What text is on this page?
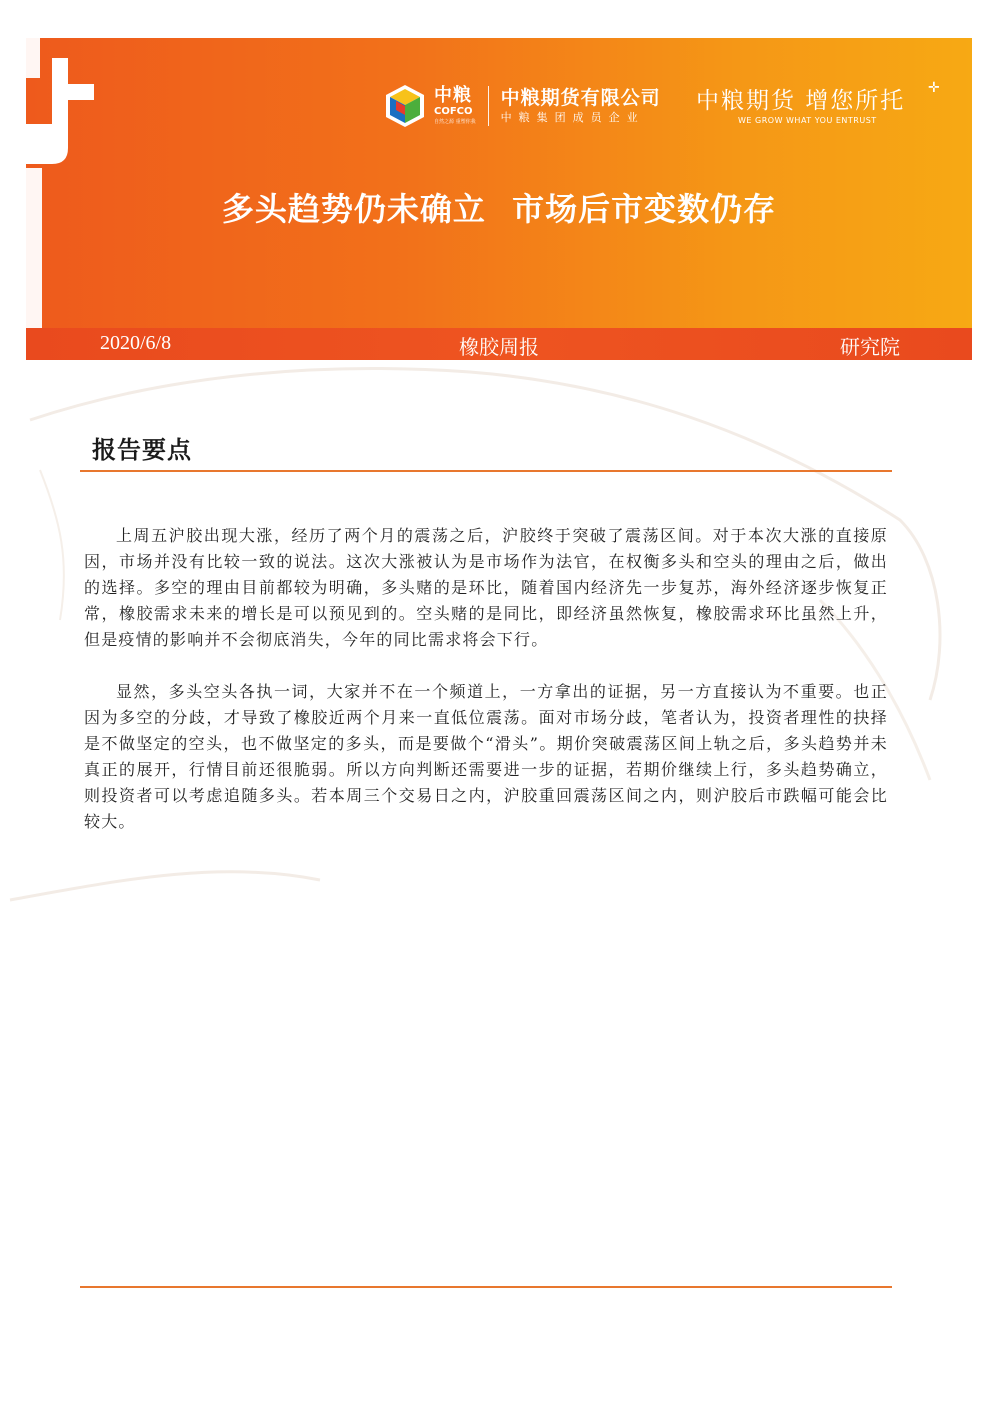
中粮
COFCO
自然之源 重塑你我
中粮期货有限公司
中粮集团成员企业
✛
中粮期货 增您所托
WE GROW WHAT YOU ENTRUST
多头趋势仍未确立 市场后市变数仍存
2020/6/8	橡胶周报	研究院
报告要点

上周五沪胶出现大涨，经历了两个月的震荡之后，沪胶终于突破了震荡区间。对于本次大涨的直接原因，市场并没有比较一致的说法。这次大涨被认为是市场作为法官，在权衡多头和空头的理由之后，做出的选择。多空的理由目前都较为明确，多头赌的是环比，随着国内经济先一步复苏，海外经济逐步恢复正常，橡胶需求未来的增长是可以预见到的。空头赌的是同比，即经济虽然恢复，橡胶需求环比虽然上升，但是疫情的影响并不会彻底消失，今年的同比需求将会下行。

显然，多头空头各执一词，大家并不在一个频道上，一方拿出的证据，另一方直接认为不重要。也正因为多空的分歧，才导致了橡胶近两个月来一直低位震荡。面对市场分歧，笔者认为，投资者理性的抉择是不做坚定的空头，也不做坚定的多头，而是要做个“滑头”。期价突破震荡区间上轨之后，多头趋势并未真正的展开，行情目前还很脆弱。所以方向判断还需要进一步的证据，若期价继续上行，多头趋势确立，则投资者可以考虑追随多头。若本周三个交易日之内，沪胶重回震荡区间之内，则沪胶后市跌幅可能会比较大。
